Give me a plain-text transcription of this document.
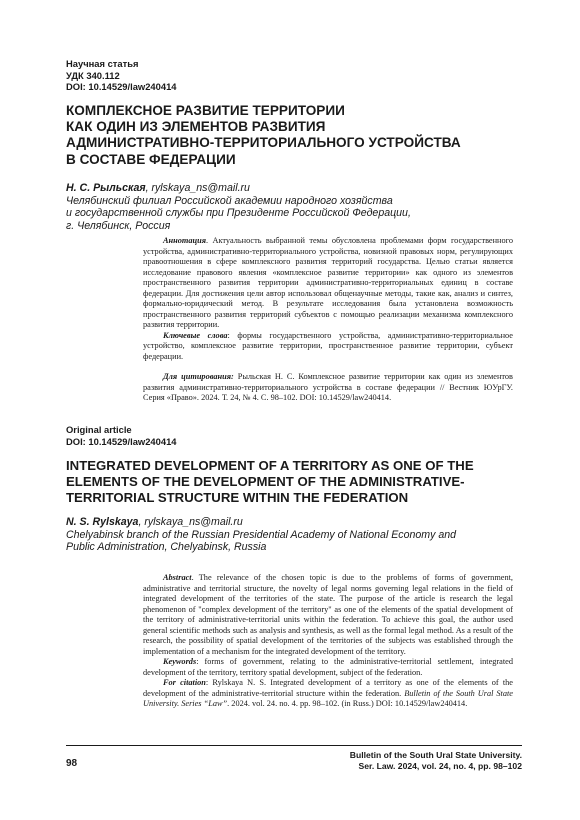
Научная статья
УДК 340.112
DOI: 10.14529/law240414
КОМПЛЕКСНОЕ РАЗВИТИЕ ТЕРРИТОРИИ
КАК ОДИН ИЗ ЭЛЕМЕНТОВ РАЗВИТИЯ
АДМИНИСТРАТИВНО-ТЕРРИТОРИАЛЬНОГО УСТРОЙСТВА
В СОСТАВЕ ФЕДЕРАЦИИ
Н. С. Рыльская, rylskaya_ns@mail.ru
Челябинский филиал Российской академии народного хозяйства
и государственной службы при Президенте Российской Федерации,
г. Челябинск, Россия

Аннотация. Актуальность выбранной темы обусловлена проблемами форм государственного устройства, административно-территориального устройства, новизной правовых норм, регулирующих правоотношения в сфере комплексного развития территорий государства. Целью статьи является исследование правового явления «комплексное развитие территории» как одного из элементов пространственного развития территории административно-территориальных единиц в составе федерации. Для достижения цели автор использовал общенаучные методы, такие как, анализ и синтез, формально-юридический метод. В результате исследования была установлена возможность пространственного развития территорий субъектов с помощью реализации механизма комплексного развития территории.

Ключевые слова: формы государственного устройства, административно-территориальное устройство, комплексное развитие территории, пространственное развитие территории, субъект федерации.

Для цитирования: Рыльская Н. С. Комплексное развитие территории как один из элементов развития административно-территориального устройства в составе федерации // Вестник ЮУрГУ. Серия «Право». 2024. Т. 24, № 4. С. 98–102. DOI: 10.14529/law240414.

Original article
DOI: 10.14529/law240414
INTEGRATED DEVELOPMENT OF A TERRITORY AS ONE OF THE
ELEMENTS OF THE DEVELOPMENT OF THE ADMINISTRATIVE-
TERRITORIAL STRUCTURE WITHIN THE FEDERATION
N. S. Rylskaya, rylskaya_ns@mail.ru
Chelyabinsk branch of the Russian Presidential Academy of National Economy and
Public Administration, Chelyabinsk, Russia

Abstract. The relevance of the chosen topic is due to the problems of forms of government, administrative and territorial structure, the novelty of legal norms governing legal relations in the field of integrated development of the territories of the state. The purpose of the article is research the legal phenomenon of "complex development of the territory" as one of the elements of the spatial development of the territory of administrative-territorial units within the federation. To achieve this goal, the author used general scientific methods such as analysis and synthesis, as well as the formal legal method. As a result of the research, the possibility of spatial development of the territories of the subjects was established through the implementation of a mechanism for the integrated development of the territory.

Keywords: forms of government, relating to the administrative-territorial settlement, integrated development of the territory, territory spatial development, subject of the federation.

For citation: Rylskaya N. S. Integrated development of a territory as one of the elements of the development of the administrative-territorial structure within the federation. Bulletin of the South Ural State University. Series “Law”. 2024. vol. 24. no. 4. pp. 98–102. (in Russ.) DOI: 10.14529/law240414.

98
Bulletin of the South Ural State University.
Ser. Law. 2024, vol. 24, no. 4, pp. 98–102
